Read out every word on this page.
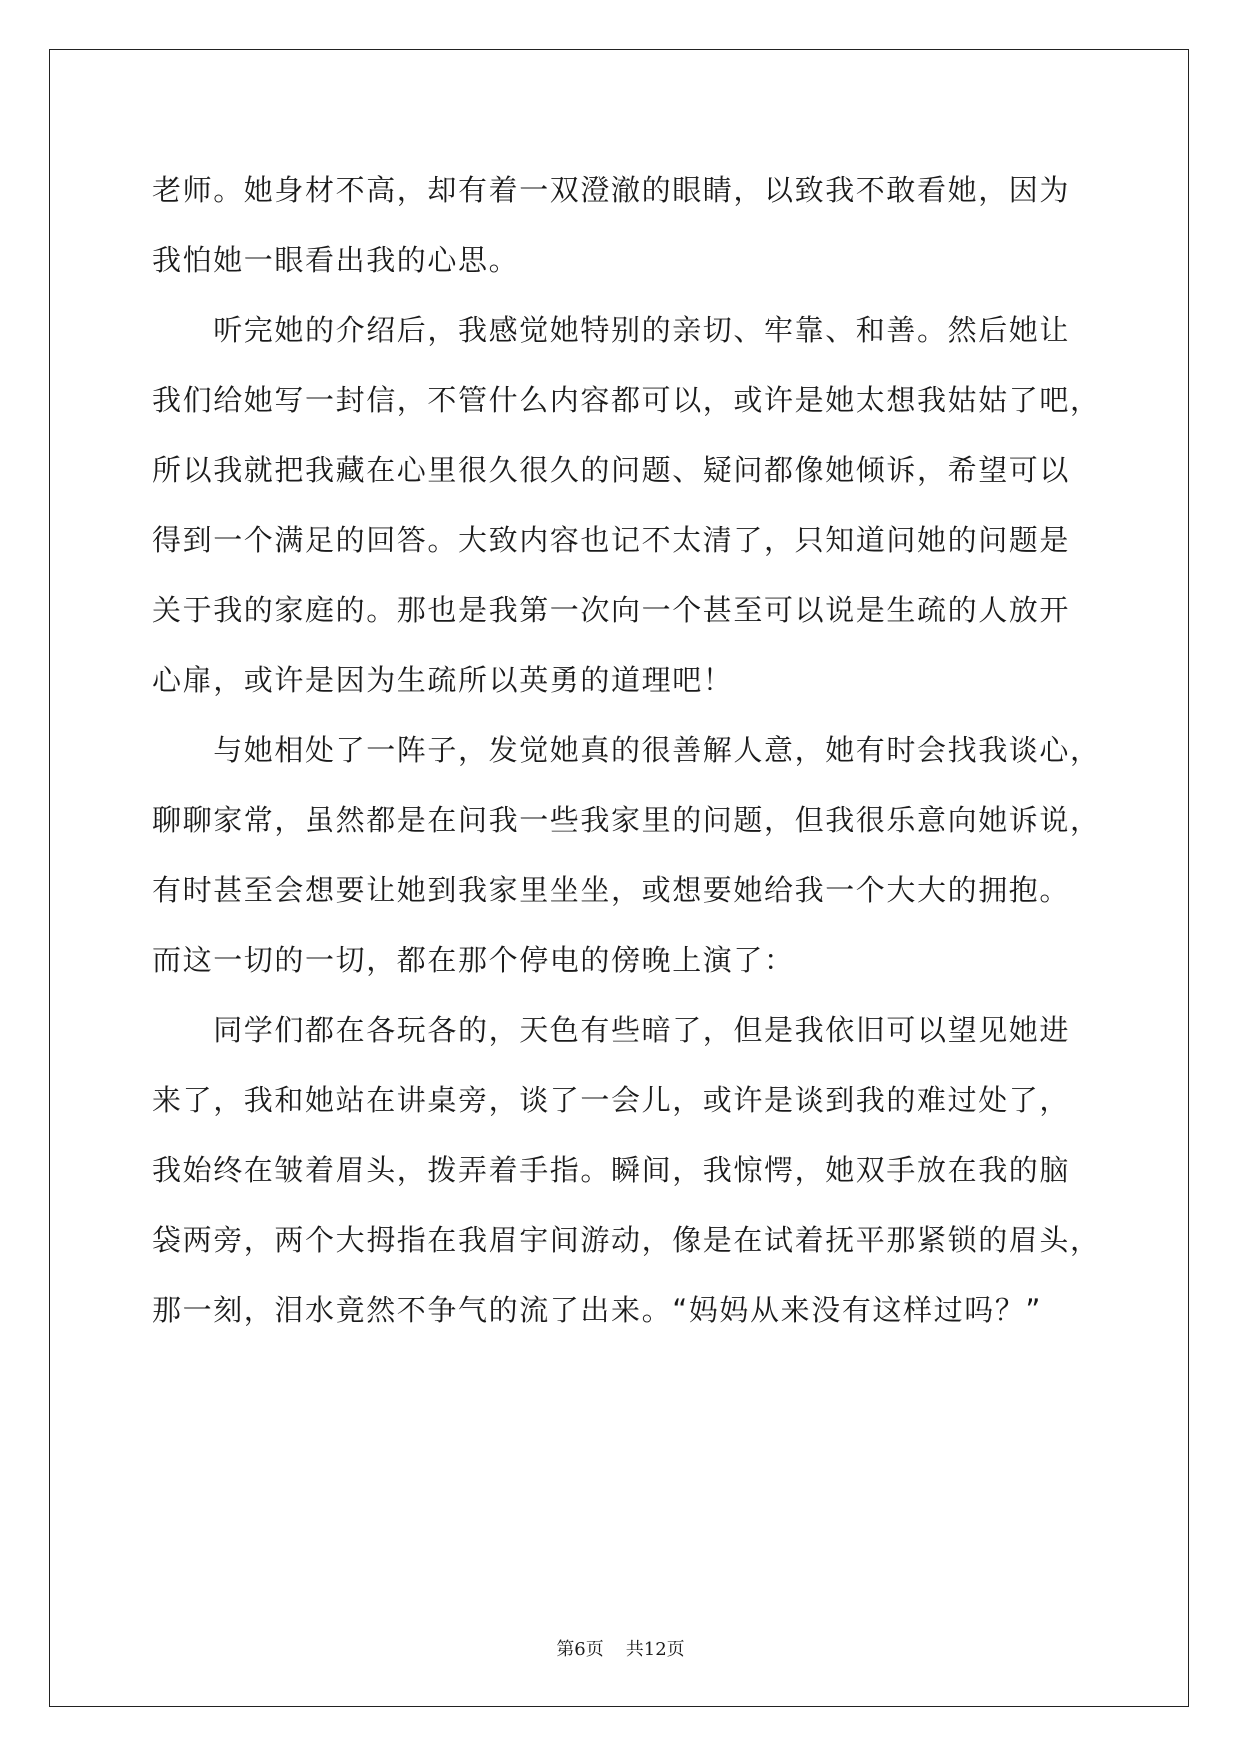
老师。她身材不高，却有着一双澄澈的眼睛，以致我不敢看她，因为
我怕她一眼看出我的心思。
　　听完她的介绍后，我感觉她特别的亲切、牢靠、和善。然后她让
我们给她写一封信，不管什么内容都可以，或许是她太想我姑姑了吧，
所以我就把我藏在心里很久很久的问题、疑问都像她倾诉，希望可以
得到一个满足的回答。大致内容也记不太清了，只知道问她的问题是
关于我的家庭的。那也是我第一次向一个甚至可以说是生疏的人放开
心扉，或许是因为生疏所以英勇的道理吧！
　　与她相处了一阵子，发觉她真的很善解人意，她有时会找我谈心，
聊聊家常，虽然都是在问我一些我家里的问题，但我很乐意向她诉说，
有时甚至会想要让她到我家里坐坐，或想要她给我一个大大的拥抱。
而这一切的一切，都在那个停电的傍晚上演了：
　　同学们都在各玩各的，天色有些暗了，但是我依旧可以望见她进
来了，我和她站在讲桌旁，谈了一会儿，或许是谈到我的难过处了，
我始终在皱着眉头，拨弄着手指。瞬间，我惊愕，她双手放在我的脑
袋两旁，两个大拇指在我眉宇间游动，像是在试着抚平那紧锁的眉头，
那一刻，泪水竟然不争气的流了出来。“妈妈从来没有这样过吗？”
第6页 共12页
